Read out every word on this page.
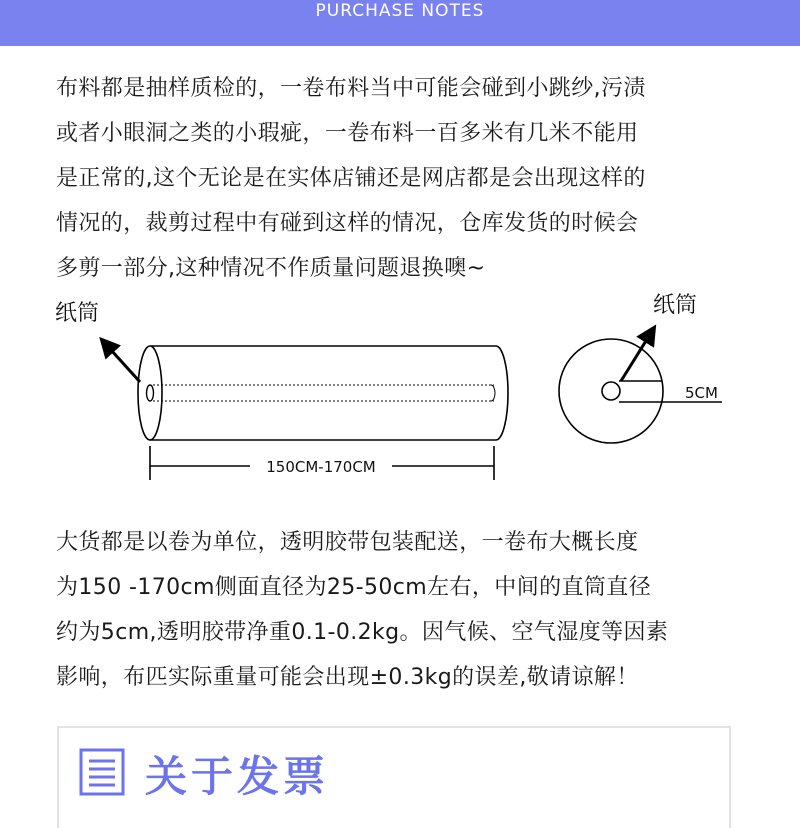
PURCHASE NOTES

布料都是抽样质检的，一卷布料当中可能会碰到小跳纱,污渍

或者小眼洞之类的小瑕疵，一卷布料一百多米有几米不能用

是正常的,这个无论是在实体店铺还是网店都是会出现这样的

情况的，裁剪过程中有碰到这样的情况，仓库发货的时候会

多剪一部分,这种情况不作质量问题退换噢~

纸筒
150CM-170CM
纸筒
5CM

大货都是以卷为单位，透明胶带包装配送，一卷布大概长度

为150 -170cm侧面直径为25-50cm左右，中间的直筒直径

约为5cm,透明胶带净重0.1-0.2kg。因气候、空气湿度等因素

影响，布匹实际重量可能会出现±0.3kg的误差,敬请谅解！

关于发票
